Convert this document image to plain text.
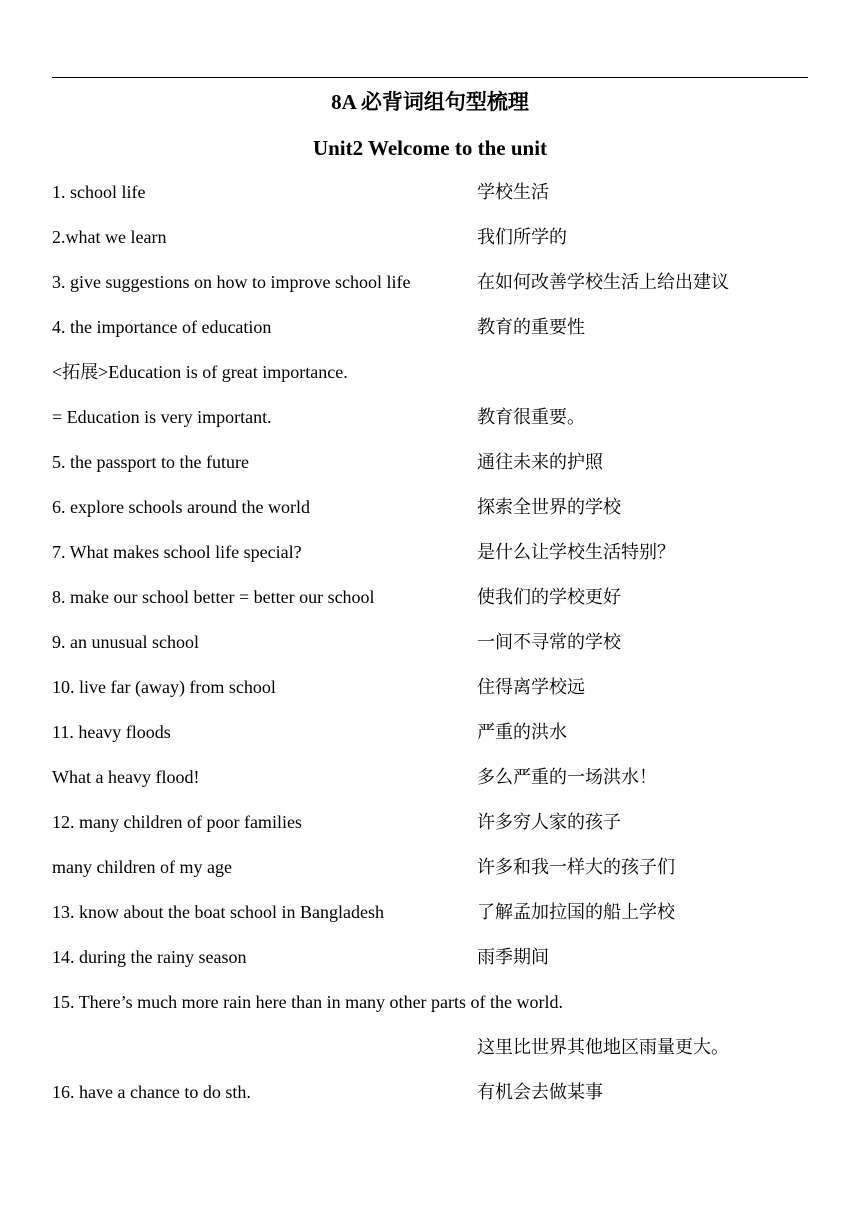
8A 必背词组句型梳理
Unit2 Welcome to the unit
1. school life	学校生活
2.what we learn	我们所学的
3. give suggestions on how to improve school life	在如何改善学校生活上给出建议
4. the importance of education	教育的重要性
<拓展>Education is of great importance.
= Education is very important.	教育很重要。
5. the passport to the future	通往未来的护照
6. explore schools around the world	探索全世界的学校
7. What makes school life special?	是什么让学校生活特别？
8. make our school better = better our school	使我们的学校更好
9. an unusual school	一间不寻常的学校
10. live far (away) from school	住得离学校远
11. heavy floods	严重的洪水
What a heavy flood!	多么严重的一场洪水！
12. many children of poor families	许多穷人家的孩子
many children of my age	许多和我一样大的孩子们
13. know about the boat school in Bangladesh	了解孟加拉国的船上学校
14. during the rainy season	雨季期间
15. There’s much more rain here than in many other parts of the world.
这里比世界其他地区雨量更大。
16. have a chance to do sth.	有机会去做某事
